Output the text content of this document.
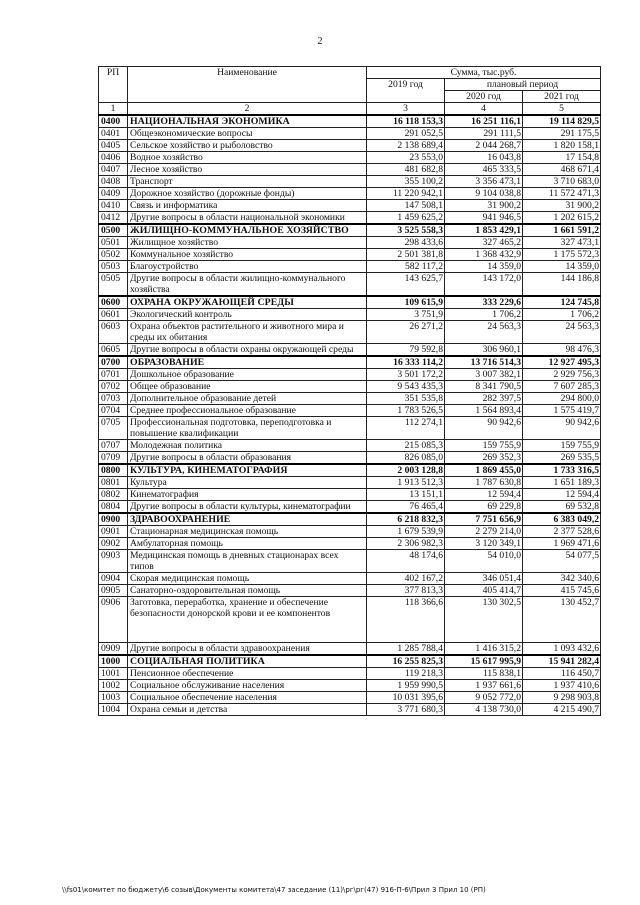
2
РП	Наименование	Сумма, тыс.руб.		
		2019 год	плановый период	
			2020 год	2021 год
1	2	3	4	5
0400	НАЦИОНАЛЬНАЯ ЭКОНОМИКА	16 118 153,3	16 251 116,1	19 114 829,5
0401	Общеэкономические вопросы	291 052,5	291 111,5	291 175,5
0405	Сельское хозяйство и рыболовство	2 138 689,4	2 044 268,7	1 820 158,1
0406	Водное хозяйство	23 553,0	16 043,8	17 154,8
0407	Лесное хозяйство	481 682,8	465 333,5	468 671,4
0408	Транспорт	355 100,2	3 356 473,1	3 710 683,0
0409	Дорожное хозяйство (дорожные фонды)	11 220 942,1	9 104 038,8	11 572 471,3
0410	Связь и информатика	147 508,1	31 900,2	31 900,2
0412	Другие вопросы в области национальной экономики	1 459 625,2	941 946,5	1 202 615,2
0500	ЖИЛИЩНО-КОММУНАЛЬНОЕ ХОЗЯЙСТВО	3 525 558,3	1 853 429,1	1 661 591,2
0501	Жилищное хозяйство	298 433,6	327 465,2	327 473,1
0502	Коммунальное хозяйство	2 501 381,8	1 368 432,9	1 175 572,3
0503	Благоустройство	582 117,2	14 359,0	14 359,0
0505	Другие вопросы в области жилищно-коммунального хозяйства	143 625,7	143 172,0	144 186,8
0600	ОХРАНА ОКРУЖАЮЩЕЙ СРЕДЫ	109 615,9	333 229,6	124 745,8
0601	Экологический контроль	3 751,9	1 706,2	1 706,2
0603	Охрана объектов растительного и животного мира и среды их обитания	26 271,2	24 563,3	24 563,3
0605	Другие вопросы в области охраны окружающей среды	79 592,8	306 960,1	98 476,3
0700	ОБРАЗОВАНИЕ	16 333 114,2	13 716 514,3	12 927 495,3
0701	Дошкольное образование	3 501 172,2	3 007 382,1	2 929 756,3
0702	Общее образование	9 543 435,3	8 341 790,5	7 607 285,3
0703	Дополнительное образование детей	351 535,8	282 397,5	294 800,0
0704	Среднее профессиональное образование	1 783 526,5	1 564 893,4	1 575 419,7
0705	Профессиональная подготовка, переподготовка и повышение квалификации	112 274,1	90 942,6	90 942,6
0707	Молодежная политика	215 085,3	159 755,9	159 755,9
0709	Другие вопросы в области образования	826 085,0	269 352,3	269 535,5
0800	КУЛЬТУРА, КИНЕМАТОГРАФИЯ	2 003 128,8	1 869 455,0	1 733 316,5
0801	Культура	1 913 512,3	1 787 630,8	1 651 189,3
0802	Кинематография	13 151,1	12 594,4	12 594,4
0804	Другие вопросы в области культуры, кинематографии	76 465,4	69 229,8	69 532,8
0900	ЗДРАВООХРАНЕНИЕ	6 218 832,3	7 751 656,9	6 383 049,2
0901	Стационарная медицинская помощь	1 679 539,9	2 279 214,0	2 377 528,6
0902	Амбулаторная помощь	2 306 982,3	3 120 349,1	1 969 471,6
0903	Медицинская помощь в дневных стационарах всех типов	48 174,6	54 010,0	54 077,5
0904	Скорая медицинская помощь	402 167,2	346 051,4	342 340,6
0905	Санаторно-оздоровительная помощь	377 813,3	405 414,7	415 745,6
0906	Заготовка, переработка, хранение и обеспечение безопасности донорской крови и ее компонентов	118 366,6	130 302,5	130 452,7
0909	Другие вопросы в области здравоохранения	1 285 788,4	1 416 315,2	1 093 432,6
1000	СОЦИАЛЬНАЯ ПОЛИТИКА	16 255 825,3	15 617 995,9	15 941 282,4
1001	Пенсионное обеспечение	119 218,3	115 838,1	116 450,7
1002	Социальное обслуживание населения	1 959 990,5	1 937 661,6	1 937 410,6
1003	Социальное обеспечение населения	10 031 395,6	9 052 772,0	9 298 903,8
1004	Охрана семьи и детства	3 771 680,3	4 138 730,0	4 215 490,7
\\fs01\комитет по бюджету\6 созыв\Документы комитета\47 заседание (11)\рг\рг(47) 916-П-6\Прил 3 Прил 10 (РП)
